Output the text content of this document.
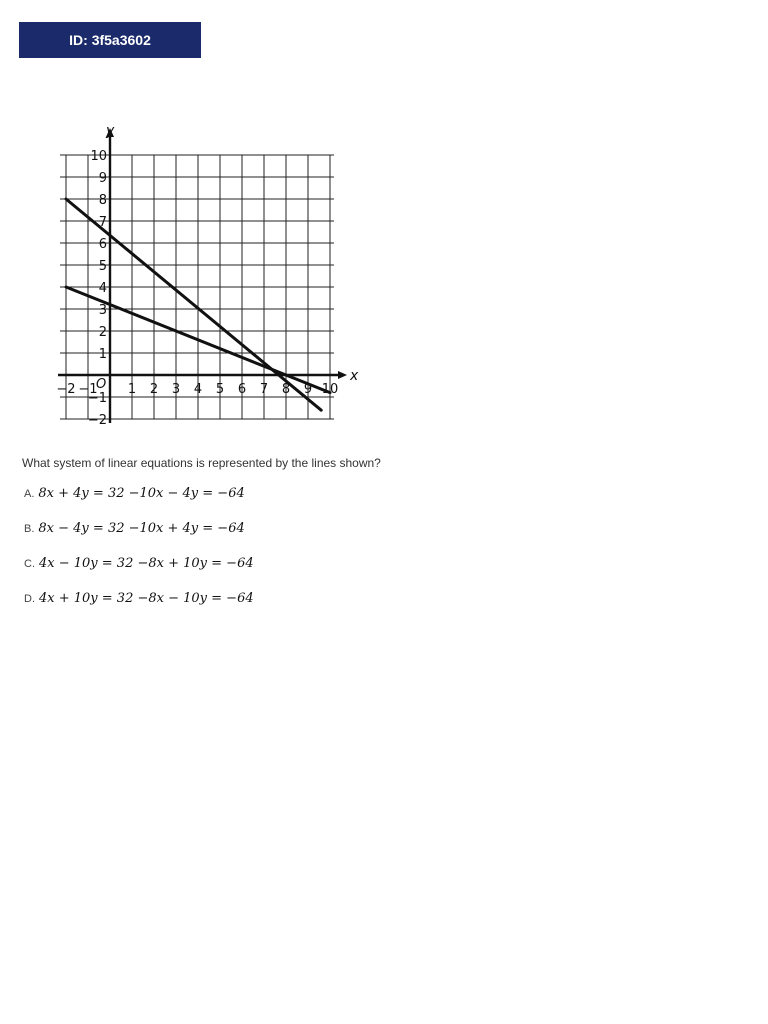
ID: 3f5a3602
x
y
O
−2 −1 1 2 3 4 5 6 7 8 9 10
10
9
8
7
6
5
4
3
2
1
−1
−2
What system of linear equations is represented by the lines shown?
A. 8x + 4y = 32 −10x − 4y = −64
B. 8x − 4y = 32 −10x + 4y = −64
C. 4x − 10y = 32 −8x + 10y = −64
D. 4x + 10y = 32 −8x − 10y = −64
